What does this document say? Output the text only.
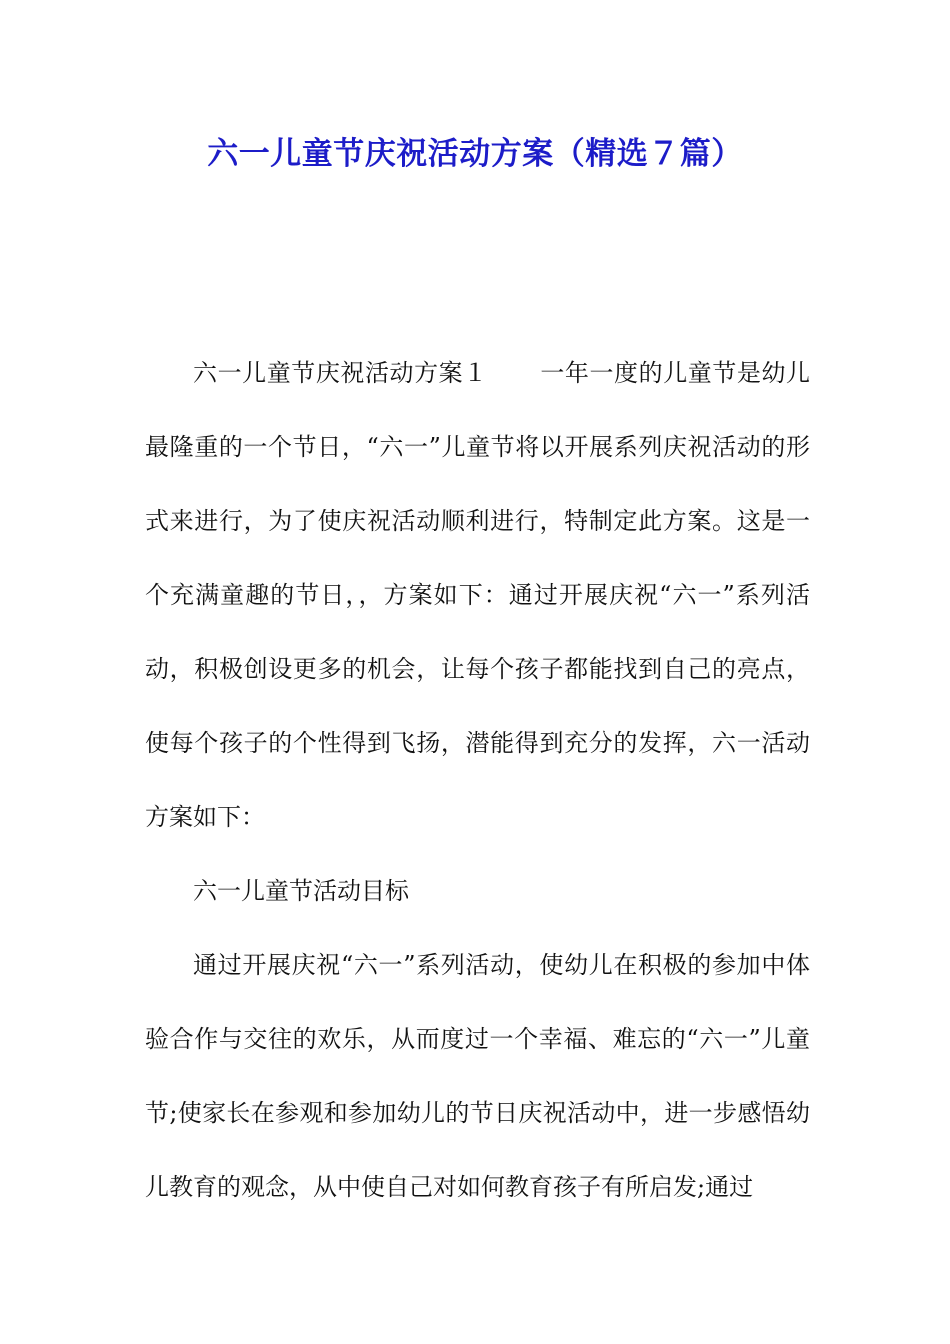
六一儿童节庆祝活动方案（精选７篇）

六一儿童节庆祝活动方案１ 一年一度的儿童节是幼儿最隆重的一个节日，“六一”儿童节将以开展系列庆祝活动的形式来进行，为了使庆祝活动顺利进行，特制定此方案。这是一个充满童趣的节日，，方案如下：通过开展庆祝“六一”系列活动，积极创设更多的机会，让每个孩子都能找到自己的亮点，使每个孩子的个性得到飞扬，潜能得到充分的发挥，六一活动方案如下：

六一儿童节活动目标

通过开展庆祝“六一”系列活动，使幼儿在积极的参加中体验合作与交往的欢乐，从而度过一个幸福、难忘的“六一”儿童节;使家长在参观和参加幼儿的节日庆祝活动中，进一步感悟幼儿教育的观念，从中使自己对如何教育孩子有所启发;通过
